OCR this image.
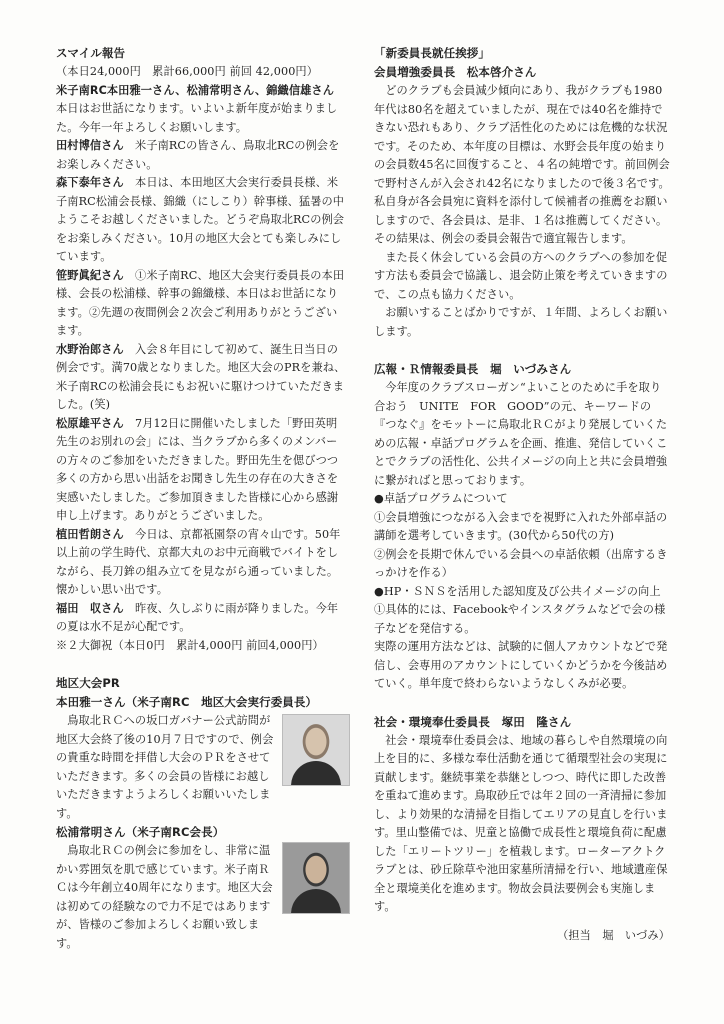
スマイル報告

（本日24,000円　累計66,000円 前回 42,000円）

米子南RC本田雅一さん、松浦常明さん、錦織信雄さん　本日はお世話になります。いよいよ新年度が始まりました。今年一年よろしくお願いします。

田村博信さん　 米子南RCの皆さん、鳥取北RCの例会をお楽しみください。

森下泰年さん　 本日は、本田地区大会実行委員長様、米子南RC松浦会長様、錦織（にしこり）幹事様、猛暑の中ようこそお越しくださいました。どうぞ鳥取北RCの例会をお楽しみください。10月の地区大会とても楽しみにしています。

笹野眞紀さん　 ①米子南RC、地区大会実行委員長の本田様、会長の松浦様、幹事の錦織様、本日はお世話になります。②先週の夜間例会２次会ご利用ありがとうございます。

水野治郎さん　 入会８年目にして初めて、誕生日当日の例会です。満70歳となりました。地区大会のPRを兼ね、米子南RCの松浦会長にもお祝いに駆けつけていただきました。(笑)

松原雄平さん　 7月12日に開催いたしました「野田英明先生のお別れの会」には、当クラブから多くのメンバーの方々のご参加をいただきました。野田先生を偲びつつ多くの方から思い出話をお聞きし先生の存在の大きさを実感いたしました。ご参加頂きました皆様に心から感謝申し上げます。ありがとうございました。

植田哲朗さん　 今日は、京都祇園祭の宵々山です。50年以上前の学生時代、京都大丸のお中元商戦でバイトをしながら、長刀鉾の組み立てを見ながら通っていました。懐かしい思い出です。

福田　収さん　 昨夜、久しぶりに雨が降りました。今年の夏は水不足が心配です。

※２大御祝（本日0円　累計4,000円 前回4,000円）

地区大会PR

本田雅一さん（米子南RC　地区大会実行委員長）

鳥取北ＲＣへの坂口ガバナー公式訪問が地区大会終了後の10月７日ですので、例会の貴重な時間を拝借し大会のＰＲをさせていただきます。多くの会員の皆様にお越しいただきますようよろしくお願いいたします。

松浦常明さん（米子南RC会長）

鳥取北ＲＣの例会に参加をし、非常に温かい雰囲気を肌で感じています。米子南ＲＣは今年創立40周年になります。地区大会は初めての経験なので力不足ではありますが、皆様のご参加よろしくお願い致します。

「新委員長就任挨拶」

会員増強委員長　松本啓介さん

どのクラブも会員減少傾向にあり、我がクラブも1980年代は80名を超えていましたが、現在では40名を維持できない恐れもあり、クラブ活性化のためには危機的な状況です。そのため、本年度の目標は、水野会長年度の始まりの会員数45名に回復すること、４名の純増です。前回例会で野村さんが入会され42名になりましたので後３名です。私自身が各会員宛に資料を添付して候補者の推薦をお願いしますので、各会員は、是非、１名は推薦してください。その結果は、例会の委員会報告で適宜報告します。

また長く休会している会員の方へのクラブへの参加を促す方法も委員会で協議し、退会防止策を考えていきますので、この点も協力ください。

お願いすることばかりですが、１年間、よろしくお願いします。

広報・Ｒ情報委員長　堀　いづみさん

今年度のクラブスローガン“よいことのために手を取り合おう　UNITE　FOR　GOOD”の元、キーワードの『つなぐ』をモットーに鳥取北ＲＣがより発展していくための広報・卓話プログラムを企画、推進、発信していくことでクラブの活性化、公共イメージの向上と共に会員増強に繋がればと思っております。

●卓話プログラムについて

①会員増強につながる入会までを視野に入れた外部卓話の講師を選考していきます。(30代から50代の方)

②例会を長期で休んでいる会員への卓話依頼（出席するきっかけを作る）

●HP・ＳＮＳを活用した認知度及び公共イメージの向上

①具体的には、Facebookやインスタグラムなどで会の様子などを発信する。

実際の運用方法などは、試験的に個人アカウントなどで発信し、会専用のアカウントにしていくかどうかを今後詰めていく。単年度で終わらないようなしくみが必要。

社会・環境奉仕委員長　塚田　隆さん

社会・環境奉仕委員会は、地域の暮らしや自然環境の向上を目的に、多様な奉仕活動を通じて循環型社会の実現に貢献します。継続事業を恭継としつつ、時代に即した改善を重ねて進めます。鳥取砂丘では年２回の一斉清掃に参加し、より効果的な清掃を目指してエリアの見直しを行います。里山整備では、児童と協働で成長性と環境負荷に配慮した「エリートツリー」を植栽します。ローターアクトクラブとは、砂丘除草や池田家墓所清掃を行い、地域遺産保全と環境美化を進めます。物故会員法要例会も実施します。

（担当　堀　いづみ）
